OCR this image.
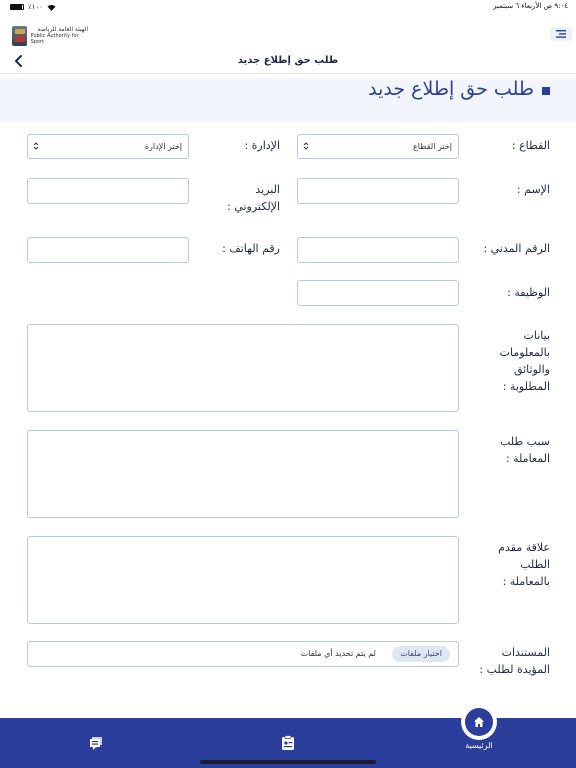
٪١٠٠	٩:٠٤ ص الأربعاء ٦ سبتمبر
الهيئة العامة للرياضة
Public Authority for Sport
طلب حق إطلاع جديد
طلب حق إطلاع جديد
القطاع :
إختر القطاع
الإدارة :
إختر الإدارة
الإسم :
البريد الإلكتروني :
الرقم المدني :
رقم الهاتف :
الوظيفة :
بيانات بالمعلومات والوثائق المطلوبة :
سبب طلب المعاملة :
علاقة مقدم الطلب بالمعاملة :
المستندات المؤيدة لطلب :
اختيار ملفات
لم يتم تحديد أي ملفات
الرئيسية
